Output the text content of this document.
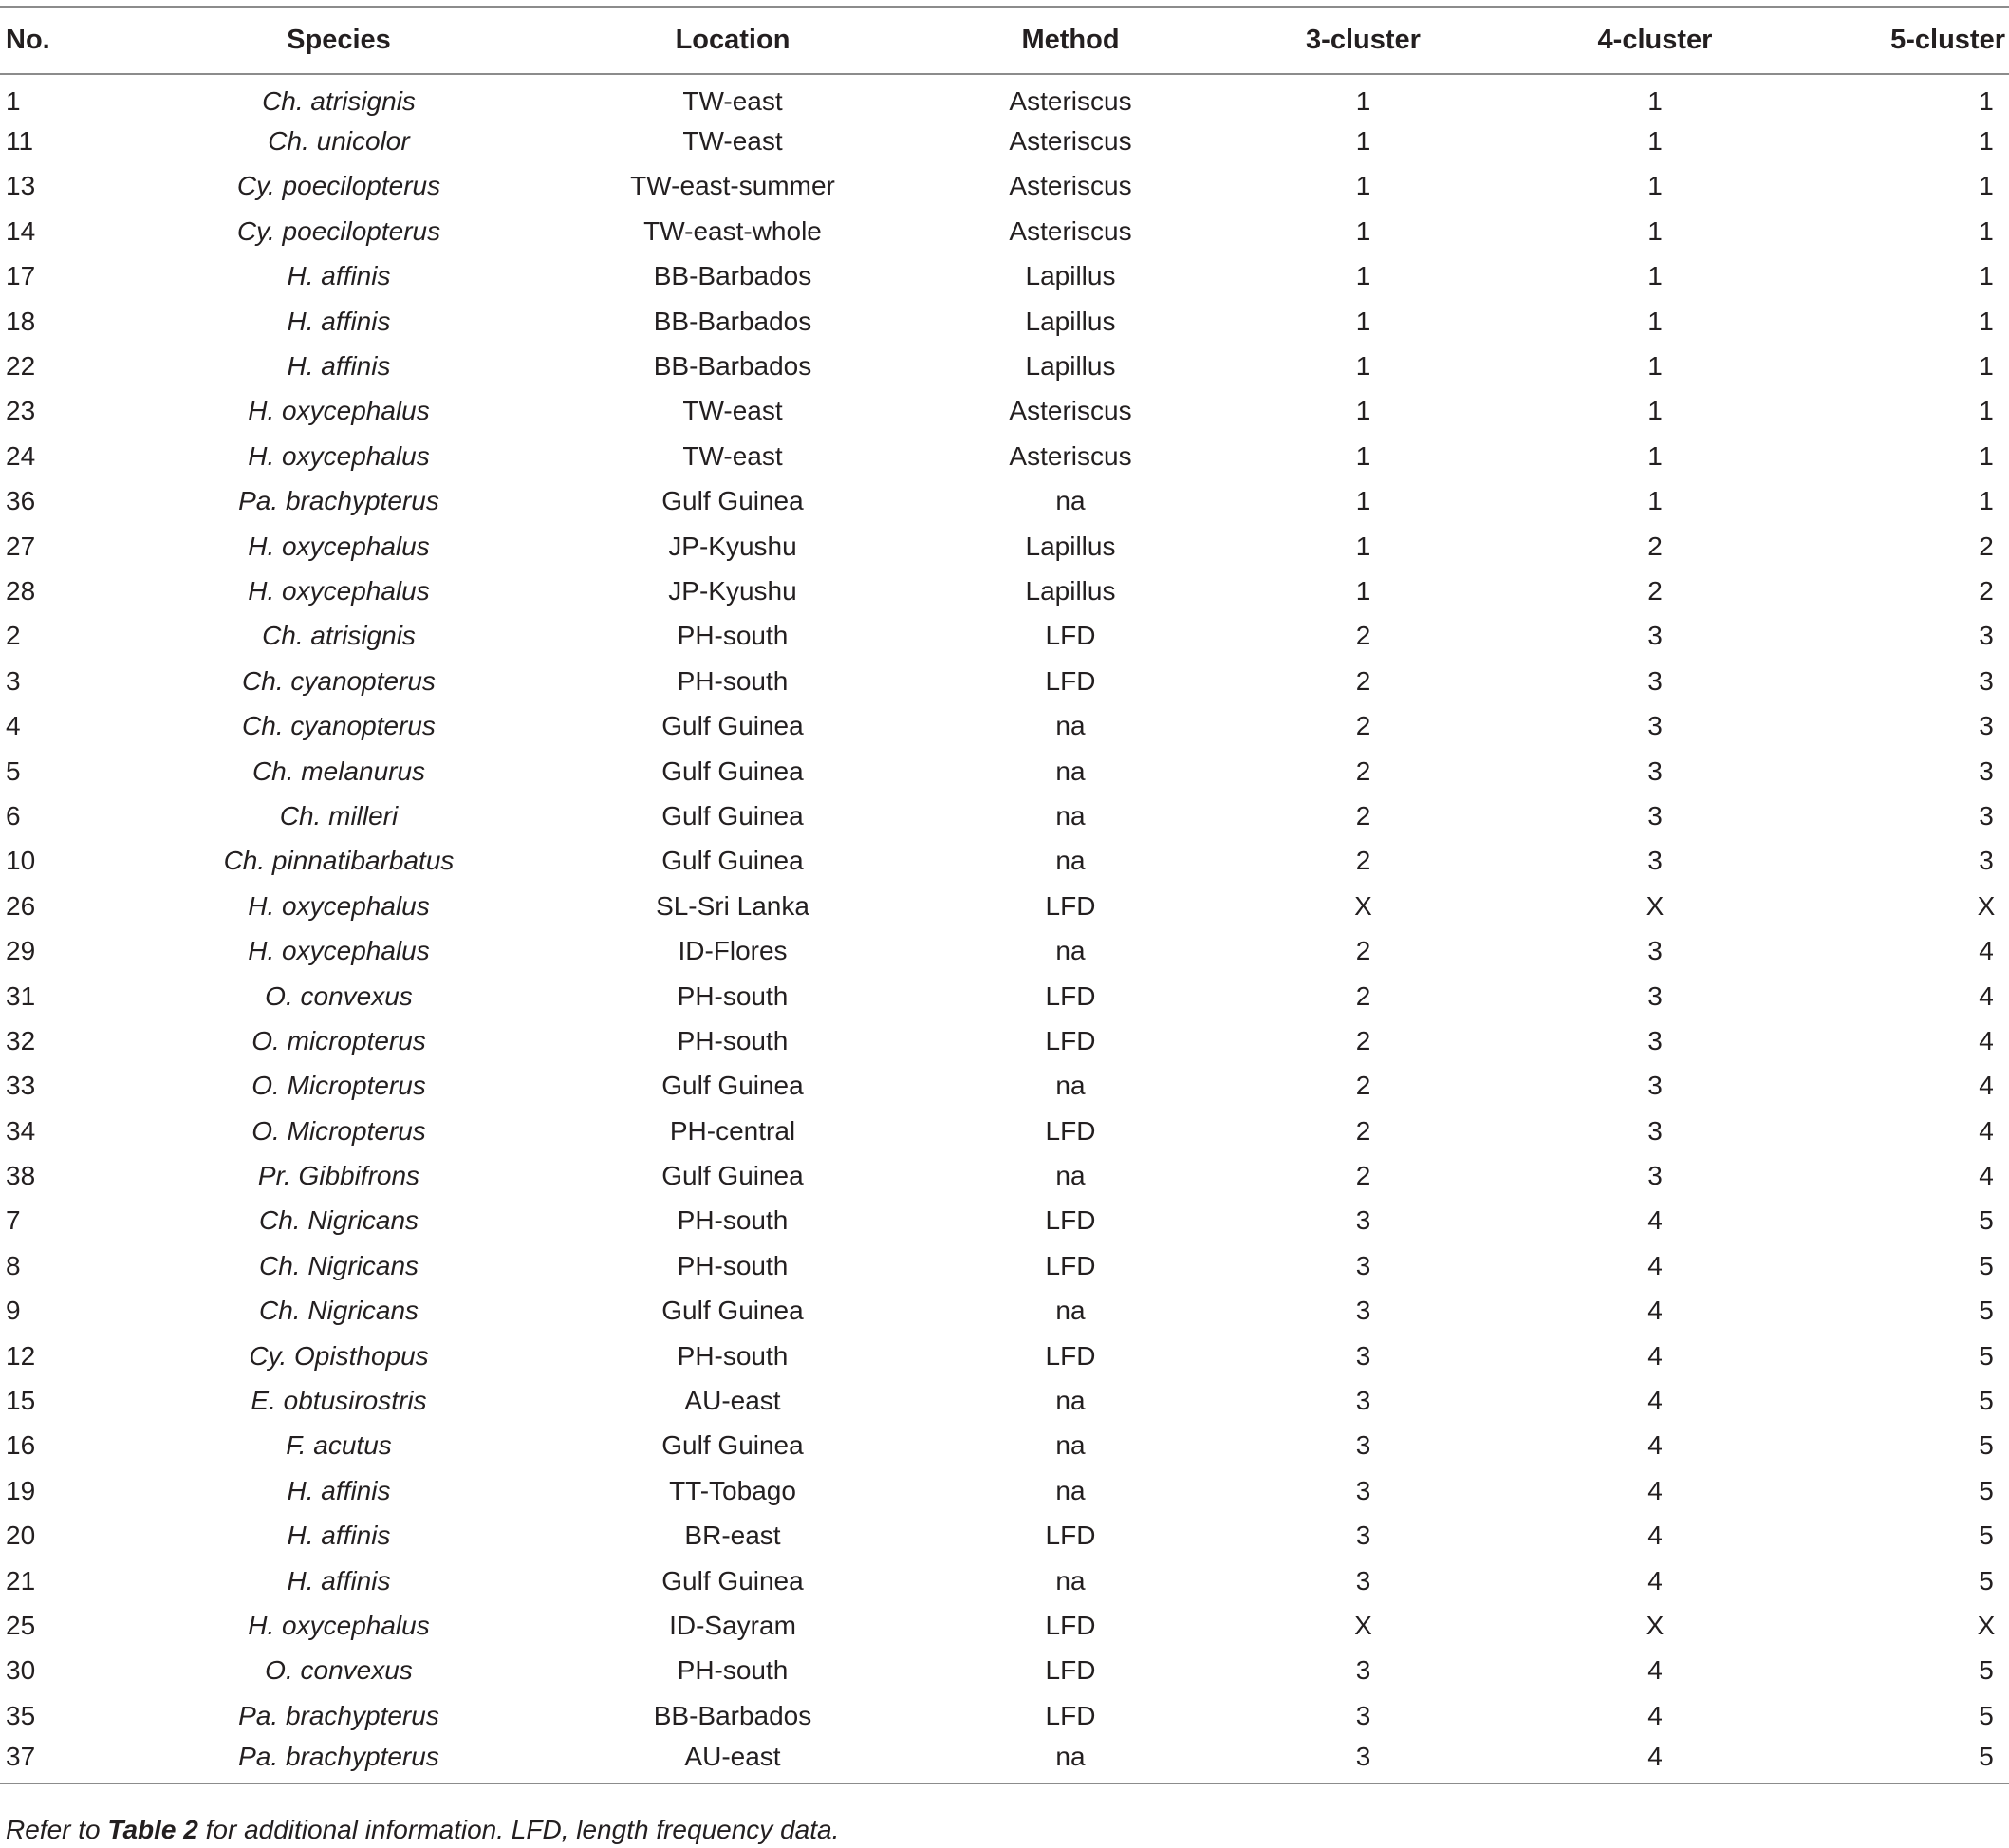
No.	Species	Location	Method	3-cluster	4-cluster	5-cluster
1	Ch. atrisignis	TW-east	Asteriscus	1	1	1
11	Ch. unicolor	TW-east	Asteriscus	1	1	1
13	Cy. poecilopterus	TW-east-summer	Asteriscus	1	1	1
14	Cy. poecilopterus	TW-east-whole	Asteriscus	1	1	1
17	H. affinis	BB-Barbados	Lapillus	1	1	1
18	H. affinis	BB-Barbados	Lapillus	1	1	1
22	H. affinis	BB-Barbados	Lapillus	1	1	1
23	H. oxycephalus	TW-east	Asteriscus	1	1	1
24	H. oxycephalus	TW-east	Asteriscus	1	1	1
36	Pa. brachypterus	Gulf Guinea	na	1	1	1
27	H. oxycephalus	JP-Kyushu	Lapillus	1	2	2
28	H. oxycephalus	JP-Kyushu	Lapillus	1	2	2
2	Ch. atrisignis	PH-south	LFD	2	3	3
3	Ch. cyanopterus	PH-south	LFD	2	3	3
4	Ch. cyanopterus	Gulf Guinea	na	2	3	3
5	Ch. melanurus	Gulf Guinea	na	2	3	3
6	Ch. milleri	Gulf Guinea	na	2	3	3
10	Ch. pinnatibarbatus	Gulf Guinea	na	2	3	3
26	H. oxycephalus	SL-Sri Lanka	LFD	X	X	X
29	H. oxycephalus	ID-Flores	na	2	3	4
31	O. convexus	PH-south	LFD	2	3	4
32	O. micropterus	PH-south	LFD	2	3	4
33	O. Micropterus	Gulf Guinea	na	2	3	4
34	O. Micropterus	PH-central	LFD	2	3	4
38	Pr. Gibbifrons	Gulf Guinea	na	2	3	4
7	Ch. Nigricans	PH-south	LFD	3	4	5
8	Ch. Nigricans	PH-south	LFD	3	4	5
9	Ch. Nigricans	Gulf Guinea	na	3	4	5
12	Cy. Opisthopus	PH-south	LFD	3	4	5
15	E. obtusirostris	AU-east	na	3	4	5
16	F. acutus	Gulf Guinea	na	3	4	5
19	H. affinis	TT-Tobago	na	3	4	5
20	H. affinis	BR-east	LFD	3	4	5
21	H. affinis	Gulf Guinea	na	3	4	5
25	H. oxycephalus	ID-Sayram	LFD	X	X	X
30	O. convexus	PH-south	LFD	3	4	5
35	Pa. brachypterus	BB-Barbados	LFD	3	4	5
37	Pa. brachypterus	AU-east	na	3	4	5
Refer to Table 2 for additional information. LFD, length frequency data.
